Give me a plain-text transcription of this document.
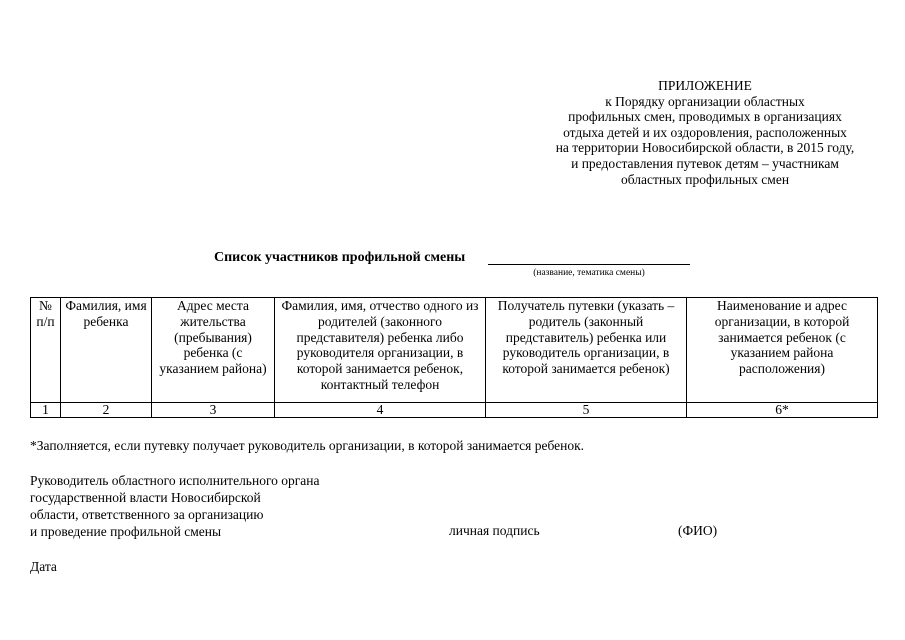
ПРИЛОЖЕНИЕ
к Порядку организации областных
профильных смен, проводимых в организациях
отдыха детей и их оздоровления, расположенных
на территории Новосибирской области, в 2015 году,
и предоставления путевок детям – участникам
областных профильных смен
Список участников профильной смены
(название, тематика смены)
№ п/п	Фамилия, имя ребенка	Адрес места жительства (пребывания) ребенка (с указанием района)	Фамилия, имя, отчество одного из родителей (законного представителя) ребенка либо руководителя организации, в которой занимается ребенок, контактный телефон	Получатель путевки (указать – родитель (законный представитель) ребенка или руководитель организации, в которой занимается ребенок)	Наименование и адрес организации, в которой занимается ребенок (с указанием района расположения)
1	2	3	4	5	6*
*Заполняется, если путевку получает руководитель организации, в которой занимается ребенок.
Руководитель областного исполнительного органа
государственной власти Новосибирской
области, ответственного за организацию
и проведение профильной смены	личная подпись	(ФИО)
Дата
